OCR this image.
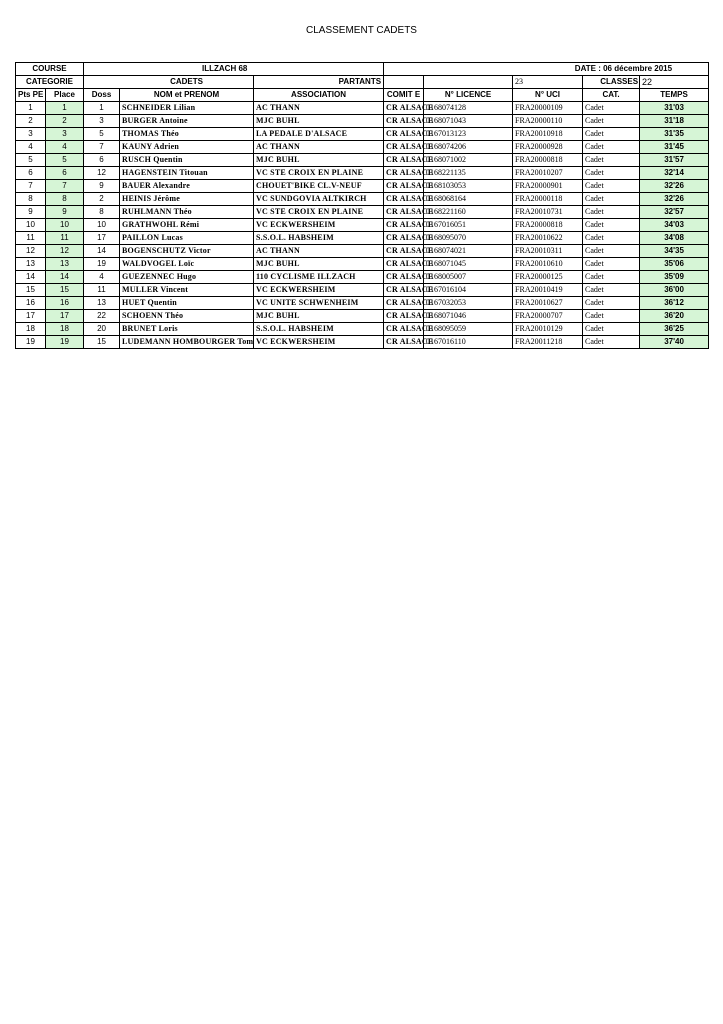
CLASSEMENT CADETS
COURSE		ILLZACH 68			DATE : 06 décembre 2015				
CATEGORIE		CADETS		PARTANTS			23	CLASSES	22
Pts PE	Place	Doss	NOM et PRENOM	ASSOCIATION	COMIT E	N° LICENCE	N° UCI	CAT.	TEMPS
1	1	1	SCHNEIDER Lilian	AC THANN	CR ALSACE	0168074128	FRA20000109	Cadet	31'03
2	2	3	BURGER Antoine	MJC BUHL	CR ALSACE	0168071043	FRA20000110	Cadet	31'18
3	3	5	THOMAS Théo	LA PEDALE D'ALSACE	CR ALSACE	0167013123	FRA20010918	Cadet	31'35
4	4	7	KAUNY Adrien	AC THANN	CR ALSACE	0168074206	FRA20000928	Cadet	31'45
5	5	6	RUSCH Quentin	MJC BUHL	CR ALSACE	0168071002	FRA20000818	Cadet	31'57
6	6	12	HAGENSTEIN Titouan	VC STE CROIX EN PLAINE	CR ALSACE	0168221135	FRA20010207	Cadet	32'14
7	7	9	BAUER Alexandre	CHOUET'BIKE CL.V-NEUF	CR ALSACE	0168103053	FRA20000901	Cadet	32'26
8	8	2	HEINIS Jérôme	VC SUNDGOVIA ALTKIRCH	CR ALSACE	0168068164	FRA20000118	Cadet	32'26
9	9	8	RUHLMANN Théo	VC STE CROIX EN PLAINE	CR ALSACE	0168221160	FRA20010731	Cadet	32'57
10	10	10	GRATHWOHL Rémi	VC ECKWERSHEIM	CR ALSACE	0167016051	FRA20000818	Cadet	34'03
11	11	17	PAILLON Lucas	S.S.O.L. HABSHEIM	CR ALSACE	0168095070	FRA20010622	Cadet	34'08
12	12	14	BOGENSCHUTZ Victor	AC THANN	CR ALSACE	0168074021	FRA20010311	Cadet	34'35
13	13	19	WALDVOGEL Loïc	MJC BUHL	CR ALSACE	0168071045	FRA20010610	Cadet	35'06
14	14	4	GUEZENNEC Hugo	110 CYCLISME ILLZACH	CR ALSACE	0168005007	FRA20000125	Cadet	35'09
15	15	11	MULLER Vincent	VC ECKWERSHEIM	CR ALSACE	0167016104	FRA20010419	Cadet	36'00
16	16	13	HUET Quentin	VC UNITE SCHWENHEIM	CR ALSACE	0167032053	FRA20010627	Cadet	36'12
17	17	22	SCHOENN Théo	MJC BUHL	CR ALSACE	0168071046	FRA20000707	Cadet	36'20
18	18	20	BRUNET Loris	S.S.O.L. HABSHEIM	CR ALSACE	0168095059	FRA20010129	Cadet	36'25
19	19	15	LUDEMANN HOMBOURGER Tom	VC ECKWERSHEIM	CR ALSACE	0167016110	FRA20011218	Cadet	37'40
